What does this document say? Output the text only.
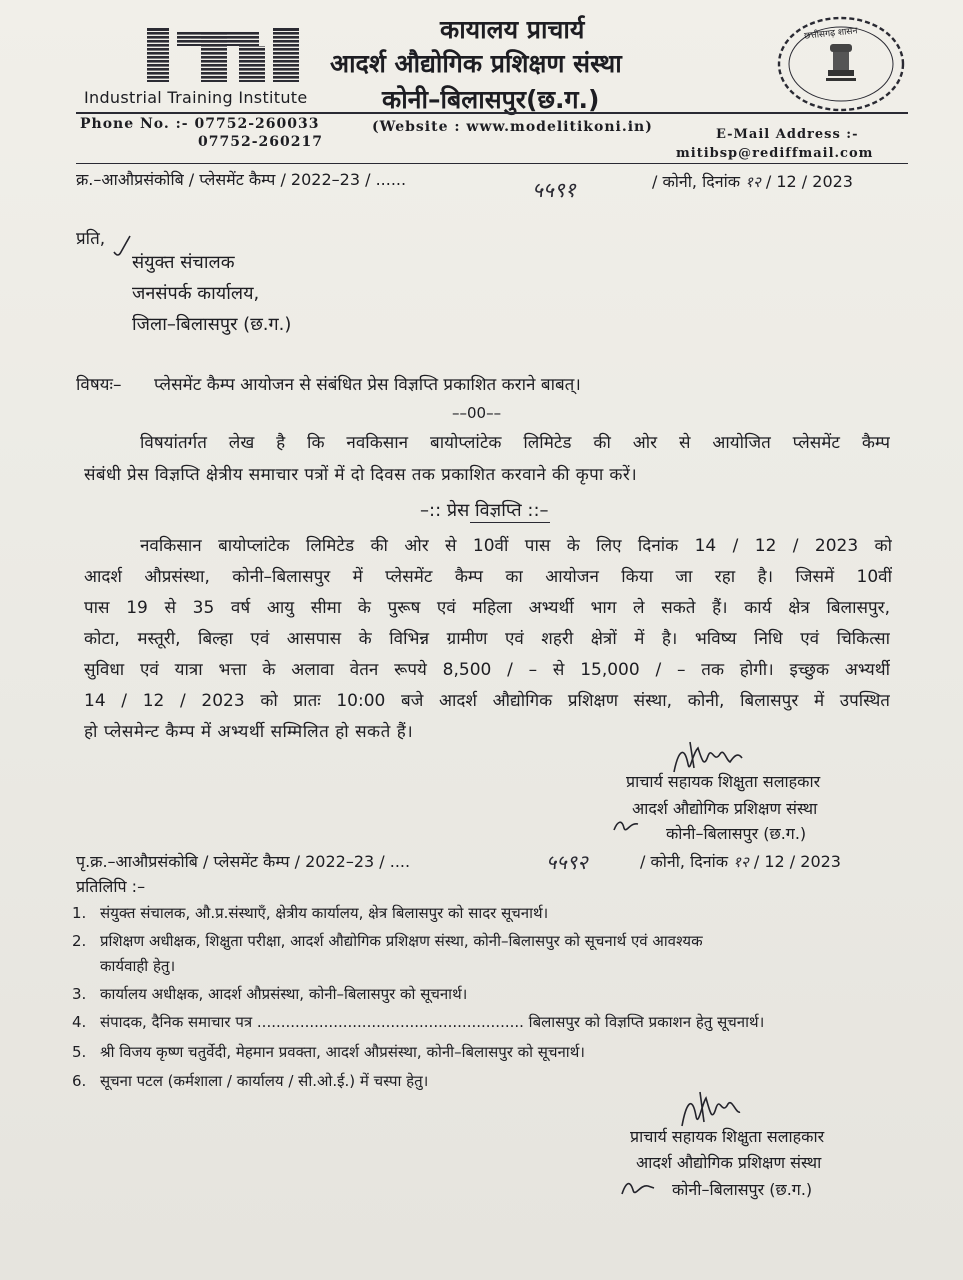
कायालय प्राचार्य
आदर्श औद्योगिक प्रशिक्षण संस्था
कोनी–बिलासपुर(छ.ग.)
Industrial Training Institute
छत्तीसगढ़ शासन
Phone No. :- 07752-260033
07752-260217
(Website : www.modelitikoni.in)	E-Mail Address :-
mitibsp@rediffmail.com
क्र.–आऔप्रसंकोबि / प्लेसमेंट कैम्प / 2022–23 / ......	५५९१	/ कोनी, दिनांक १२ / 12 / 2023
प्रति,
संयुक्त संचालक
जनसंपर्क कार्यालय,
जिला–बिलासपुर (छ.ग.)
विषयः– प्लेसमेंट कैम्प आयोजन से संबंधित प्रेस विज्ञप्ति प्रकाशित कराने बाबत्।
––00––
विषयांतर्गत लेख है कि नवकिसान बायोप्लांटेक लिमिटेड की ओर से आयोजित प्लेसमेंट कैम्प
संबंधी प्रेस विज्ञप्ति क्षेत्रीय समाचार पत्रों में दो दिवस तक प्रकाशित करवाने की कृपा करें।
–:: प्रेस विज्ञप्ति ::–
नवकिसान बायोप्लांटेक लिमिटेड की ओर से 10वीं पास के लिए दिनांक 14 / 12 / 2023 को
आदर्श औप्रसंस्था, कोनी–बिलासपुर में प्लेसमेंट कैम्प का आयोजन किया जा रहा है। जिसमें 10वीं
पास 19 से 35 वर्ष आयु सीमा के पुरूष एवं महिला अभ्यर्थी भाग ले सकते हैं। कार्य क्षेत्र बिलासपुर,
कोटा, मस्तूरी, बिल्हा एवं आसपास के विभिन्न ग्रामीण एवं शहरी क्षेत्रों में है। भविष्य निधि एवं चिकित्सा
सुविधा एवं यात्रा भत्ता के अलावा वेतन रूपये 8,500 / – से 15,000 / – तक होगी। इच्छुक अभ्यर्थी
14 / 12 / 2023 को प्रातः 10:00 बजे आदर्श औद्योगिक प्रशिक्षण संस्था, कोनी, बिलासपुर में उपस्थित
हो प्लेसमेन्ट कैम्प में अभ्यर्थी सम्मिलित हो सकते हैं।
प्राचार्य सहायक शिक्षुता सलाहकार
आदर्श औद्योगिक प्रशिक्षण संस्था
कोनी–बिलासपुर (छ.ग.)
पृ.क्र.–आऔप्रसंकोबि / प्लेसमेंट कैम्प / 2022–23 / ....	५५९२	/ कोनी, दिनांक १२ / 12 / 2023
प्रतिलिपि :–
1. संयुक्त संचालक, औ.प्र.संस्थाएँ, क्षेत्रीय कार्यालय, क्षेत्र बिलासपुर को सादर सूचनार्थ।
2. प्रशिक्षण अधीक्षक, शिक्षुता परीक्षा, आदर्श औद्योगिक प्रशिक्षण संस्था, कोनी–बिलासपुर को सूचनार्थ एवं आवश्यक
कार्यवाही हेतु।
3. कार्यालय अधीक्षक, आदर्श औप्रसंस्था, कोनी–बिलासपुर को सूचनार्थ।
4. संपादक, दैनिक समाचार पत्र ........................................................ बिलासपुर को विज्ञप्ति प्रकाशन हेतु सूचनार्थ।
5. श्री विजय कृष्ण चतुर्वेदी, मेहमान प्रवक्ता, आदर्श औप्रसंस्था, कोनी–बिलासपुर को सूचनार्थ।
6. सूचना पटल (कर्मशाला / कार्यालय / सी.ओ.ई.) में चस्पा हेतु।
प्राचार्य सहायक शिक्षुता सलाहकार
आदर्श औद्योगिक प्रशिक्षण संस्था
कोनी–बिलासपुर (छ.ग.)
